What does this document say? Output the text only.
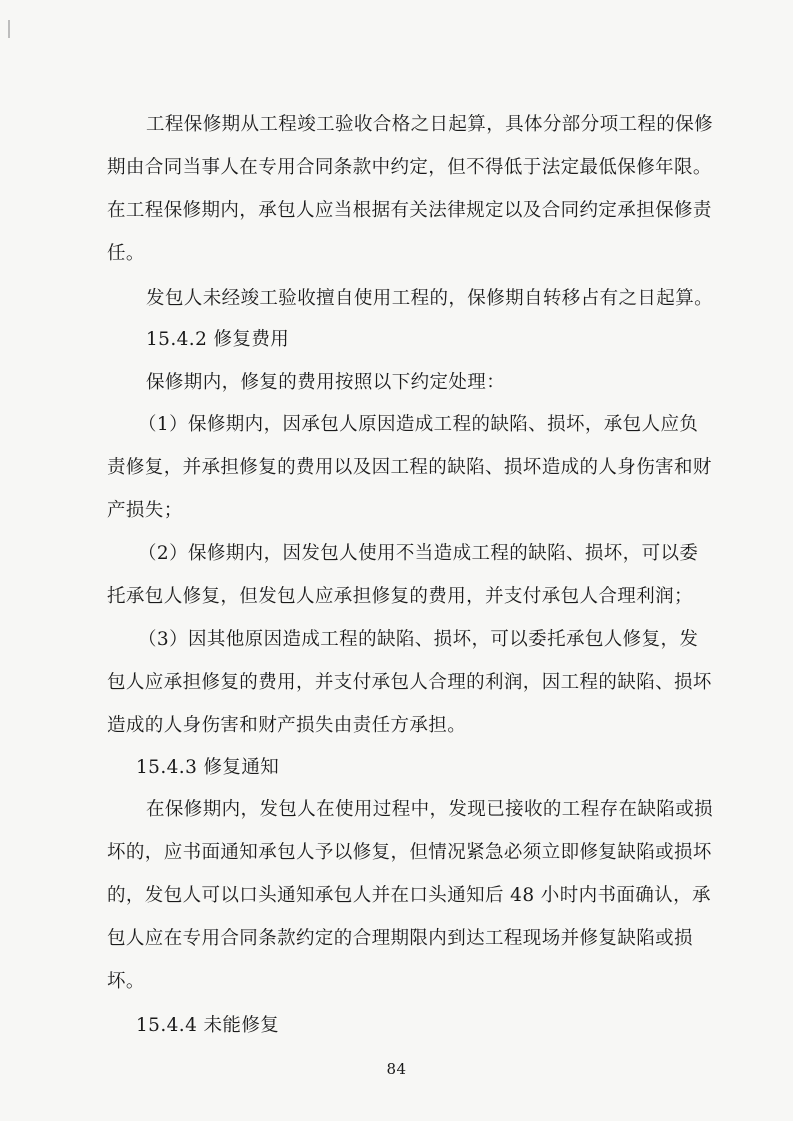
工程保修期从工程竣工验收合格之日起算，具体分部分项工程的保修
期由合同当事人在专用合同条款中约定，但不得低于法定最低保修年限。
在工程保修期内，承包人应当根据有关法律规定以及合同约定承担保修责
任。
发包人未经竣工验收擅自使用工程的，保修期自转移占有之日起算。
15.4.2 修复费用
保修期内，修复的费用按照以下约定处理：
（1）保修期内，因承包人原因造成工程的缺陷、损坏，承包人应负
责修复，并承担修复的费用以及因工程的缺陷、损坏造成的人身伤害和财
产损失；
（2）保修期内，因发包人使用不当造成工程的缺陷、损坏，可以委
托承包人修复，但发包人应承担修复的费用，并支付承包人合理利润；
（3）因其他原因造成工程的缺陷、损坏，可以委托承包人修复，发
包人应承担修复的费用，并支付承包人合理的利润，因工程的缺陷、损坏
造成的人身伤害和财产损失由责任方承担。
15.4.3 修复通知
在保修期内，发包人在使用过程中，发现已接收的工程存在缺陷或损
坏的，应书面通知承包人予以修复，但情况紧急必须立即修复缺陷或损坏
的，发包人可以口头通知承包人并在口头通知后 48 小时内书面确认，承
包人应在专用合同条款约定的合理期限内到达工程现场并修复缺陷或损
坏。
15.4.4 未能修复
84
